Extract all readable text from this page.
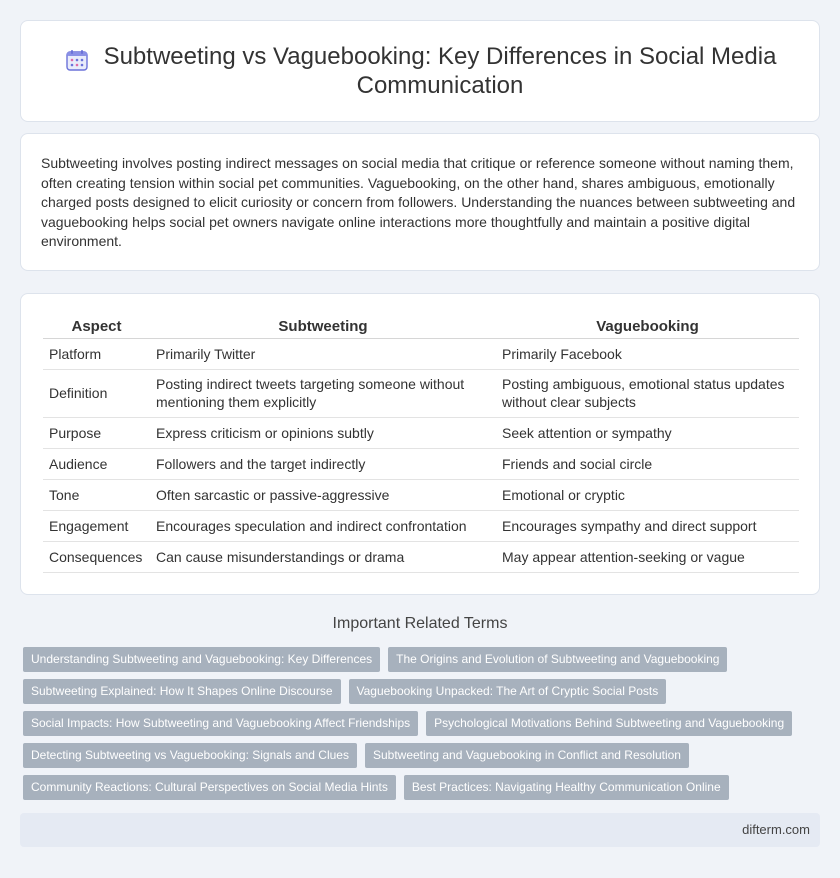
Subtweeting vs Vaguebooking: Key Differences in Social Media Communication

Subtweeting involves posting indirect messages on social media that critique or reference someone without naming them, often creating tension within social pet communities. Vaguebooking, on the other hand, shares ambiguous, emotionally charged posts designed to elicit curiosity or concern from followers. Understanding the nuances between subtweeting and vaguebooking helps social pet owners navigate online interactions more thoughtfully and maintain a positive digital environment.

Aspect	Subtweeting	Vaguebooking
Platform	Primarily Twitter	Primarily Facebook
Definition	Posting indirect tweets targeting someone without mentioning them explicitly	Posting ambiguous, emotional status updates without clear subjects
Purpose	Express criticism or opinions subtly	Seek attention or sympathy
Audience	Followers and the target indirectly	Friends and social circle
Tone	Often sarcastic or passive-aggressive	Emotional or cryptic
Engagement	Encourages speculation and indirect confrontation	Encourages sympathy and direct support
Consequences	Can cause misunderstandings or drama	May appear attention-seeking or vague
Important Related Terms
Understanding Subtweeting and Vaguebooking: Key Differences	The Origins and Evolution of Subtweeting and Vaguebooking
Subtweeting Explained: How It Shapes Online Discourse	Vaguebooking Unpacked: The Art of Cryptic Social Posts
Social Impacts: How Subtweeting and Vaguebooking Affect Friendships	Psychological Motivations Behind Subtweeting and Vaguebooking
Detecting Subtweeting vs Vaguebooking: Signals and Clues	Subtweeting and Vaguebooking in Conflict and Resolution
Community Reactions: Cultural Perspectives on Social Media Hints	Best Practices: Navigating Healthy Communication Online
difterm.com
